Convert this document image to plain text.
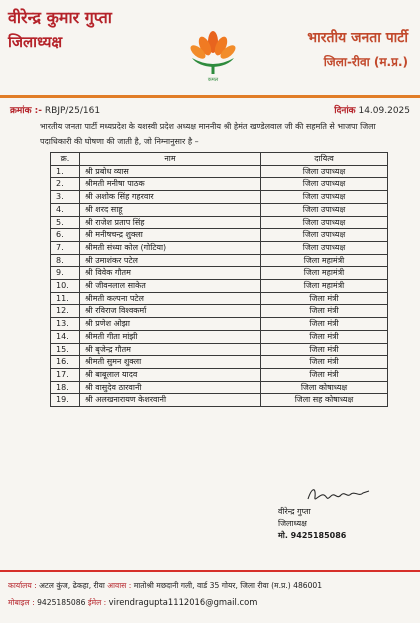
वीरेन्द्र कुमार गुप्ता
जिलाध्यक्ष
कमल
भारतीय जनता पार्टी
जिला-रीवा (म.प्र.)
क्रमांक :- RBJP/25/161	दिनांक 14.09.2025
भारतीय जनता पार्टी मध्यप्रदेश के यशस्वी प्रदेश अध्यक्ष माननीय श्री हेमंत खण्डेलवाल जी की सहमति से भाजपा जिला पदाधिकारी की घोषणा की जाती है, जो निम्नानुसार है –
क्र.	नाम	दायित्व
1.	श्री प्रबोध व्यास	जिला उपाध्यक्ष
2.	श्रीमती मनीषा पाठक	जिला उपाध्यक्ष
3.	श्री अशोक सिंह गहरवार	जिला उपाध्यक्ष
4.	श्री शरद साहू	जिला उपाध्यक्ष
5.	श्री राजेश प्रताप सिंह	जिला उपाध्यक्ष
6.	श्री मनीषचन्द्र शुक्ला	जिला उपाध्यक्ष
7.	श्रीमती संध्या कोल (गोटिया)	जिला उपाध्यक्ष
8.	श्री उमाशंकर पटेल	जिला महामंत्री
9.	श्री विवेक गौतम	जिला महामंत्री
10.	श्री जीवनलाल साकेत	जिला महामंत्री
11.	श्रीमती कल्पना पटेल	जिला मंत्री
12.	श्री रविराज विश्वकर्मा	जिला मंत्री
13.	श्री प्रणेश ओझा	जिला मंत्री
14.	श्रीमती गीता मांझी	जिला मंत्री
15.	श्री बृजेन्द्र गौतम	जिला मंत्री
16.	श्रीमती सुमन शुक्ला	जिला मंत्री
17.	श्री बाबूलाल यादव	जिला मंत्री
18.	श्री वासुदेव ठारवानी	जिला कोषाध्यक्ष
19.	श्री अलखनारायण केशरवानी	जिला सह कोषाध्यक्ष
वीरेन्द्र गुप्ता
जिलाध्यक्ष
मो. 9425185086
कार्यालय : अटल कुंज, ढेकहा, रीवा आवास : मातोश्री मछदानी गली, वार्ड 35 गोयर, जिला रीवा (म.प्र.) 486001
मोबाइल : 9425185086 ईमेल : virendragupta1112016@gmail.com
